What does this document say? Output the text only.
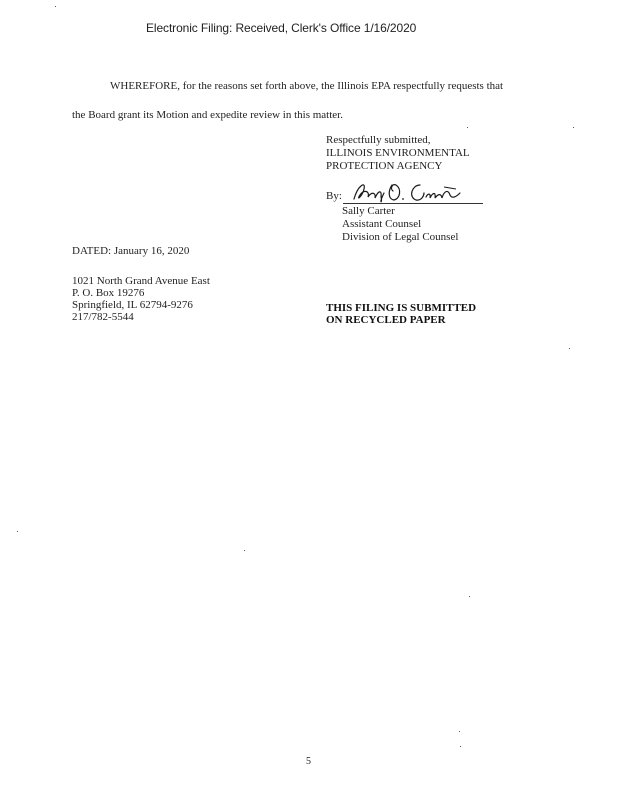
Electronic Filing: Received, Clerk's Office 1/16/2020

WHEREFORE, for the reasons set forth above, the Illinois EPA respectfully requests that

the Board grant its Motion and expedite review in this matter.

Respectfully submitted,
ILLINOIS ENVIRONMENTAL
PROTECTION AGENCY
By:
Sally Carter
Assistant Counsel
Division of Legal Counsel

DATED: January 16, 2020

1021 North Grand Avenue East
P. O. Box 19276
Springfield, IL 62794-9276
217/782-5544
THIS FILING IS SUBMITTED
ON RECYCLED PAPER
5
